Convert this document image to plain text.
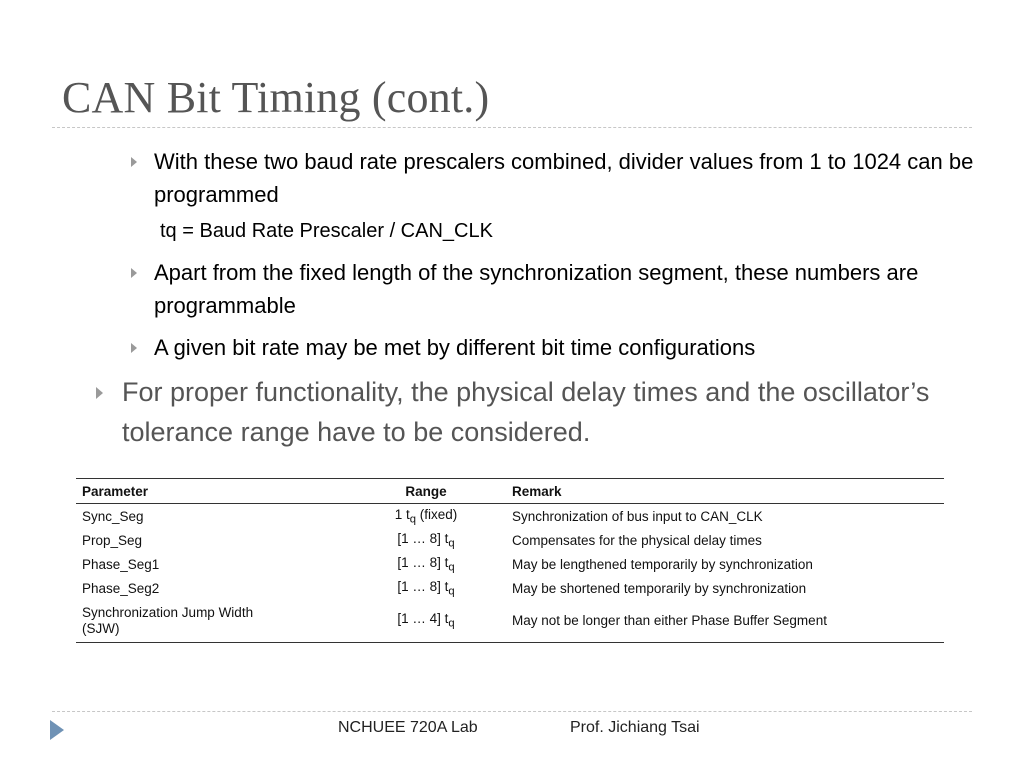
CAN Bit Timing (cont.)

With these two baud rate prescalers combined, divider values from 1 to 1024 can be programmed

tq = Baud Rate Prescaler / CAN_CLK

Apart from the fixed length of the synchronization segment, these numbers are programmable

A given bit rate may be met by different bit time configurations

For proper functionality, the physical delay times and the oscillator’s tolerance range have to be considered.

Parameter	Range	Remark
Sync_Seg	1 $t_q$ (fixed)	Synchronization of bus input to CAN_CLK
Prop_Seg	[1 … 8] $t_q$	Compensates for the physical delay times
Phase_Seg1	[1 … 8] $t_q$	May be lengthened temporarily by synchronization
Phase_Seg2	[1 … 8] $t_q$	May be shortened temporarily by synchronization
Synchronization Jump Width
(SJW)	[1 … 4] $t_q$	May not be longer than either Phase Buffer Segment
NCHUEE 720A Lab	Prof. Jichiang Tsai
